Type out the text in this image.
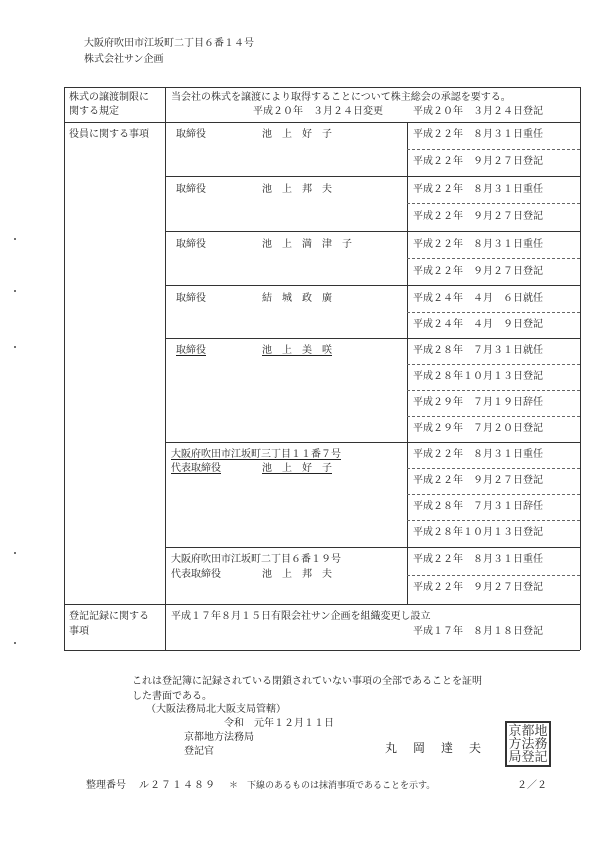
大阪府吹田市江坂町二丁目６番１４号
株式会社サン企画
株式の譲渡制限に
関する規定
当会社の株式を譲渡により取得することについて株主総会の承認を要する。
平成２０年　３月２４日変更	平成２０年　３月２４日登記
役員に関する事項	取締役	池　上　好　子	平成２２年　８月３１日重任
平成２２年　９月２７日登記
取締役	池　上　邦　夫	平成２２年　８月３１日重任
平成２２年　９月２７日登記
取締役	池　上　満　津　子	平成２２年　８月３１日重任
平成２２年　９月２７日登記
取締役	結　城　政　廣	平成２４年　４月　６日就任
平成２４年　４月　９日登記
取締役	池　上　美　咲	平成２８年　７月３１日就任
平成２８年１０月１３日登記
平成２９年　７月１９日辞任
平成２９年　７月２０日登記
大阪府吹田市江坂町三丁目１１番７号
代表取締役	池　上　好　子
平成２２年　８月３１日重任
平成２２年　９月２７日登記
平成２８年　７月３１日辞任
平成２８年１０月１３日登記
大阪府吹田市江坂町二丁目６番１９号
代表取締役	池　上　邦　夫
平成２２年　８月３１日重任
平成２２年　９月２７日登記
登記記録に関する
事項
平成１７年８月１５日有限会社サン企画を組織変更し設立
平成１７年　８月１８日登記
これは登記簿に記録されている閉鎖されていない事項の全部であることを証明
した書面である。
（大阪法務局北大阪支局管轄）
令和　元年１２月１１日
京都地方法務局
登記官	丸　岡　達　夫
京 都 地
方 法 務
局 登 記
整理番号 ル２７１４８９ ＊　下線のあるものは抹消事項であることを示す。	２／２
